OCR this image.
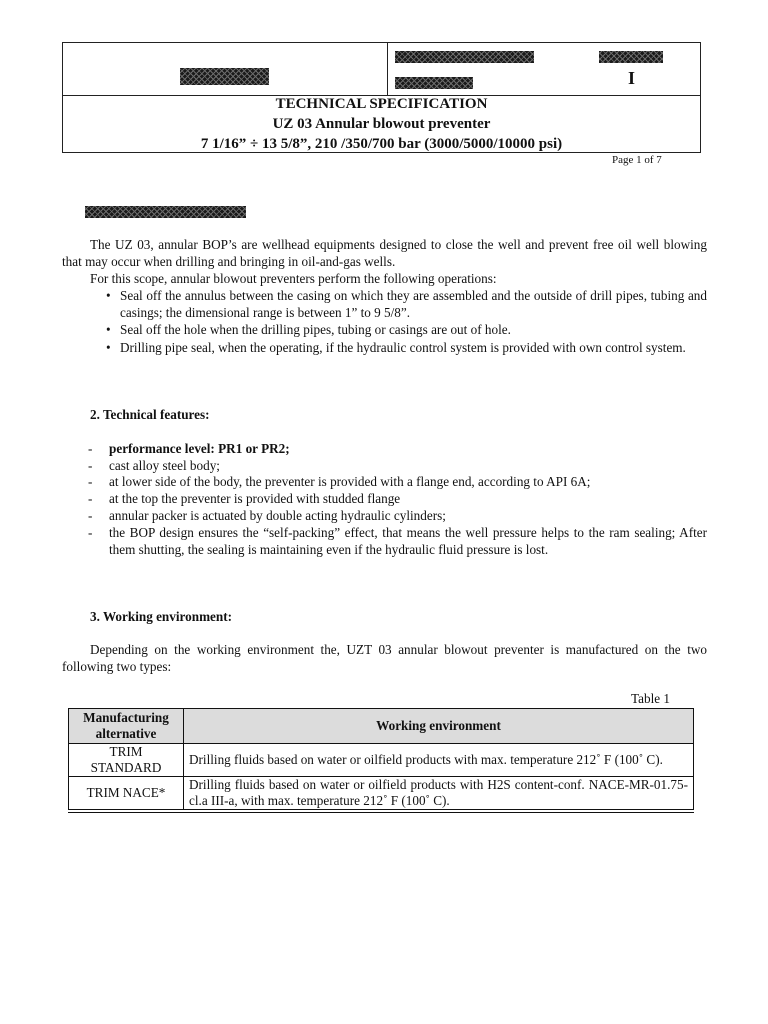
I
TECHNICAL SPECIFICATION
UZ 03 Annular blowout preventer
7 1/16” ÷ 13 5/8”, 210 /350/700 bar (3000/5000/10000 psi)
Page 1 of 7
The UZ 03, annular BOP’s are wellhead equipments designed to close the well and prevent free oil well blowing that may occur when drilling and bringing in oil-and-gas wells.
For this scope, annular blowout preventers perform the following operations:
• Seal off the annulus between the casing on which they are assembled and the outside of drill pipes, tubing and casings; the dimensional range is between 1” to 9 5/8”.
• Seal off the hole when the drilling pipes, tubing or casings are out of hole.
• Drilling pipe seal, when the operating, if the hydraulic control system is provided with own control system.
2. Technical features:
- performance level: PR1 or PR2;
- cast alloy steel body;
- at lower side of the body, the preventer is provided with a flange end, according to API 6A;
- at the top the preventer is provided with studded flange
- annular packer is actuated by double acting hydraulic cylinders;
- the BOP design ensures the “self-packing” effect, that means the well pressure helps to the ram sealing; After them shutting, the sealing is maintaining even if the hydraulic fluid pressure is lost.
3. Working environment:
Depending on the working environment the, UZT 03 annular blowout preventer is manufactured on the two following two types:
Table 1
Manufacturing alternative	Working environment
TRIM STANDARD	Drilling fluids based on water or oilfield products with max. temperature 212˚ F (100˚ C).
TRIM NACE*	Drilling fluids based on water or oilfield products with H2S content-conf. NACE-MR-01.75-cl.a III-a, with max. temperature 212˚ F (100˚ C).
